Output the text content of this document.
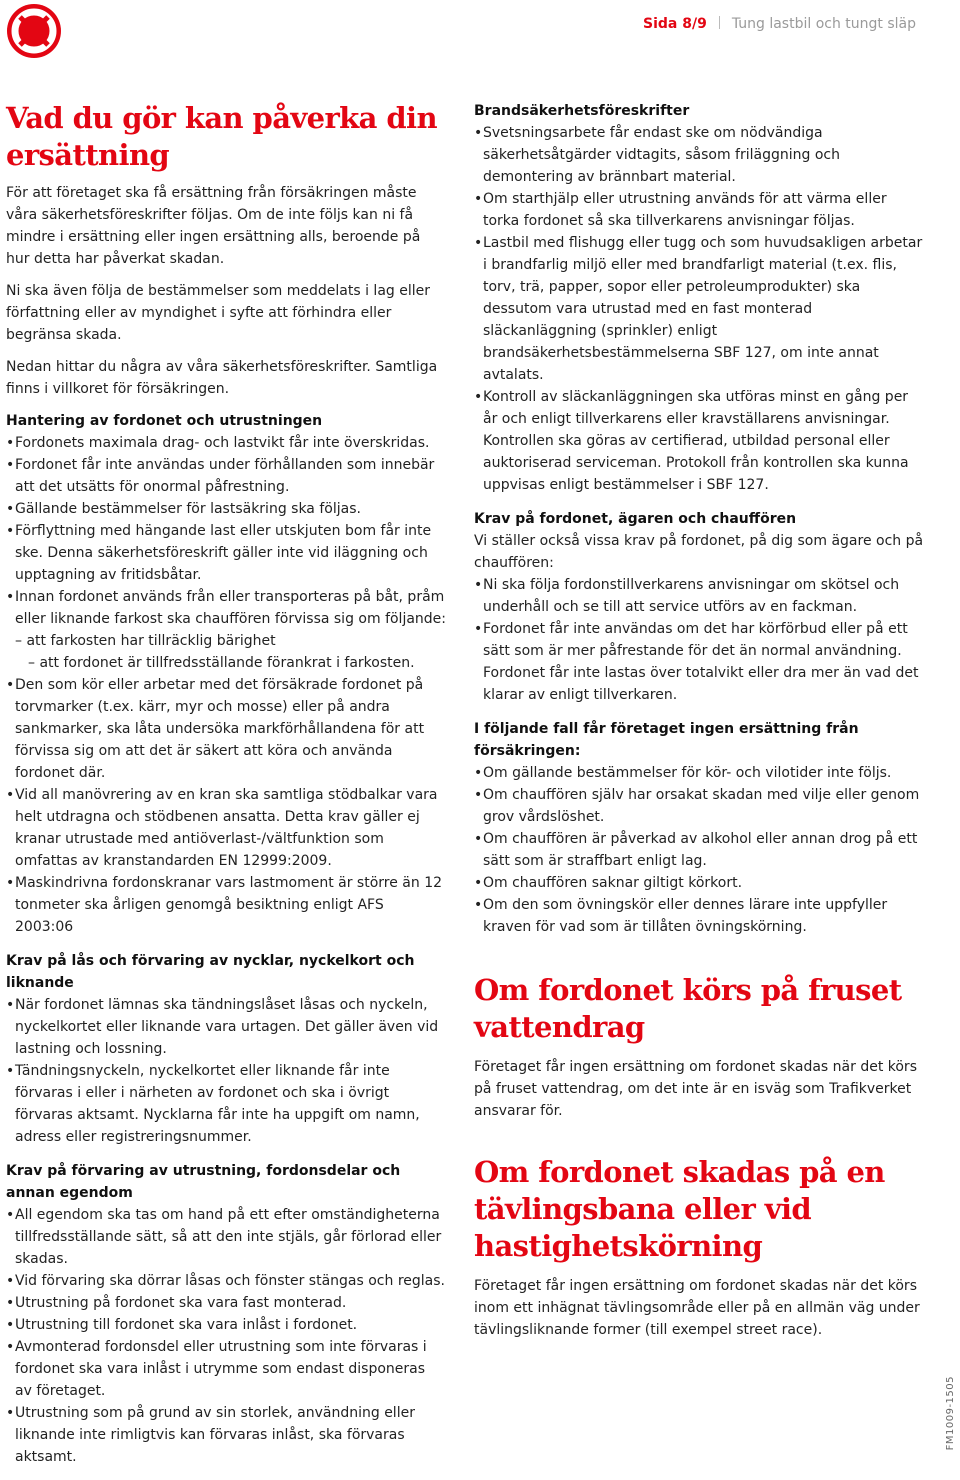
Sida 8/9 Tung lastbil och tungt släp
Vad du gör kan påverka din ersättning

För att företaget ska få ersättning från försäkringen måste våra säkerhetsföreskrifter följas. Om de inte följs kan ni få mindre i ersättning eller ingen ersättning alls, beroende på hur detta har påverkat skadan.

Ni ska även följa de bestämmelser som meddelats i lag eller författning eller av myndighet i syfte att förhindra eller begränsa skada.

Nedan hittar du några av våra säkerhetsföreskrifter. Samtliga finns i villkoret för försäkringen.

Hantering av fordonet och utrustningen
•Fordonets maximala drag- och lastvikt får inte överskridas.
•Fordonet får inte användas under förhållanden som innebär att det utsätts för onormal påfrestning.
•Gällande bestämmelser för lastsäkring ska följas.
•Förflyttning med hängande last eller utskjuten bom får inte ske. Denna säkerhetsföreskrift gäller inte vid iläggning och upptagning av fritidsbåtar.
•Innan fordonet används från eller transporteras på båt, pråm eller liknande farkost ska chauffören förvissa sig om följande:
– att farkosten har tillräcklig bärighet
– att fordonet är tillfredsställande förankrat i farkosten.
•Den som kör eller arbetar med det försäkrade fordonet på torvmarker (t.ex. kärr, myr och mosse) eller på andra sankmarker, ska låta undersöka markförhållandena för att förvissa sig om att det är säkert att köra och använda fordonet där.
•Vid all manövrering av en kran ska samtliga stödbalkar vara helt utdragna och stödbenen ansatta. Detta krav gäller ej kranar utrustade med antiöverlast-/vältfunktion som omfattas av kranstandarden EN 12999:2009.
•Maskindrivna fordonskranar vars lastmoment är större än 12 tonmeter ska årligen genomgå besiktning enligt AFS 2003:06
Krav på lås och förvaring av nycklar, nyckelkort och liknande
•När fordonet lämnas ska tändningslåset låsas och nyckeln, nyckelkortet eller liknande vara urtagen. Det gäller även vid lastning och lossning.
•Tändningsnyckeln, nyckelkortet eller liknande får inte förvaras i eller i närheten av fordonet och ska i övrigt förvaras aktsamt. Nycklarna får inte ha uppgift om namn, adress eller registreringsnummer.
Krav på förvaring av utrustning, fordonsdelar och annan egendom
•All egendom ska tas om hand på ett efter omständigheterna tillfredsställande sätt, så att den inte stjäls, går förlorad eller skadas.
•Vid förvaring ska dörrar låsas och fönster stängas och reglas.
•Utrustning på fordonet ska vara fast monterad.
•Utrustning till fordonet ska vara inlåst i fordonet.
•Avmonterad fordonsdel eller utrustning som inte förvaras i fordonet ska vara inlåst i utrymme som endast disponeras av företaget.
•Utrustning som på grund av sin storlek, användning eller liknande inte rimligtvis kan förvaras inlåst, ska förvaras aktsamt.
Brandsäkerhetsföreskrifter
•Svetsningsarbete får endast ske om nödvändiga säkerhetsåtgärder vidtagits, såsom friläggning och demontering av brännbart material.
•Om starthjälp eller utrustning används för att värma eller torka fordonet så ska tillverkarens anvisningar följas.
•Lastbil med flishugg eller tugg och som huvudsakligen arbetar i brandfarlig miljö eller med brandfarligt material (t.ex. flis, torv, trä, papper, sopor eller petroleumprodukter) ska dessutom vara utrustad med en fast monterad släckanläggning (sprinkler) enligt brandsäkerhetsbestämmelserna SBF 127, om inte annat avtalats.
•Kontroll av släckanläggningen ska utföras minst en gång per år och enligt tillverkarens eller kravställarens anvisningar. Kontrollen ska göras av certifierad, utbildad personal eller auktoriserad serviceman. Protokoll från kontrollen ska kunna uppvisas enligt bestämmelser i SBF 127.
Krav på fordonet, ägaren och chauffören

Vi ställer också vissa krav på fordonet, på dig som ägare och på chauffören:

•Ni ska följa fordonstillverkarens anvisningar om skötsel och underhåll och se till att service utförs av en fackman.
•Fordonet får inte användas om det har körförbud eller på ett sätt som är mer påfrestande för det än normal användning. Fordonet får inte lastas över totalvikt eller dra mer än vad det klarar av enligt tillverkaren.
I följande fall får företaget ingen ersättning från försäkringen:
•Om gällande bestämmelser för kör- och vilotider inte följs.
•Om chauffören själv har orsakat skadan med vilje eller genom grov vårdslöshet.
•Om chauffören är påverkad av alkohol eller annan drog på ett sätt som är straffbart enligt lag.
•Om chauffören saknar giltigt körkort.
•Om den som övningskör eller dennes lärare inte uppfyller kraven för vad som är tillåten övningskörning.
Om fordonet körs på fruset vattendrag

Företaget får ingen ersättning om fordonet skadas när det körs på fruset vattendrag, om det inte är en isväg som Trafikverket ansvarar för.

Om fordonet skadas på en tävlingsbana eller vid hastighetskörning

Företaget får ingen ersättning om fordonet skadas när det körs inom ett inhägnat tävlingsområde eller på en allmän väg under tävlingsliknande former (till exempel street race).

FM1009-1505
